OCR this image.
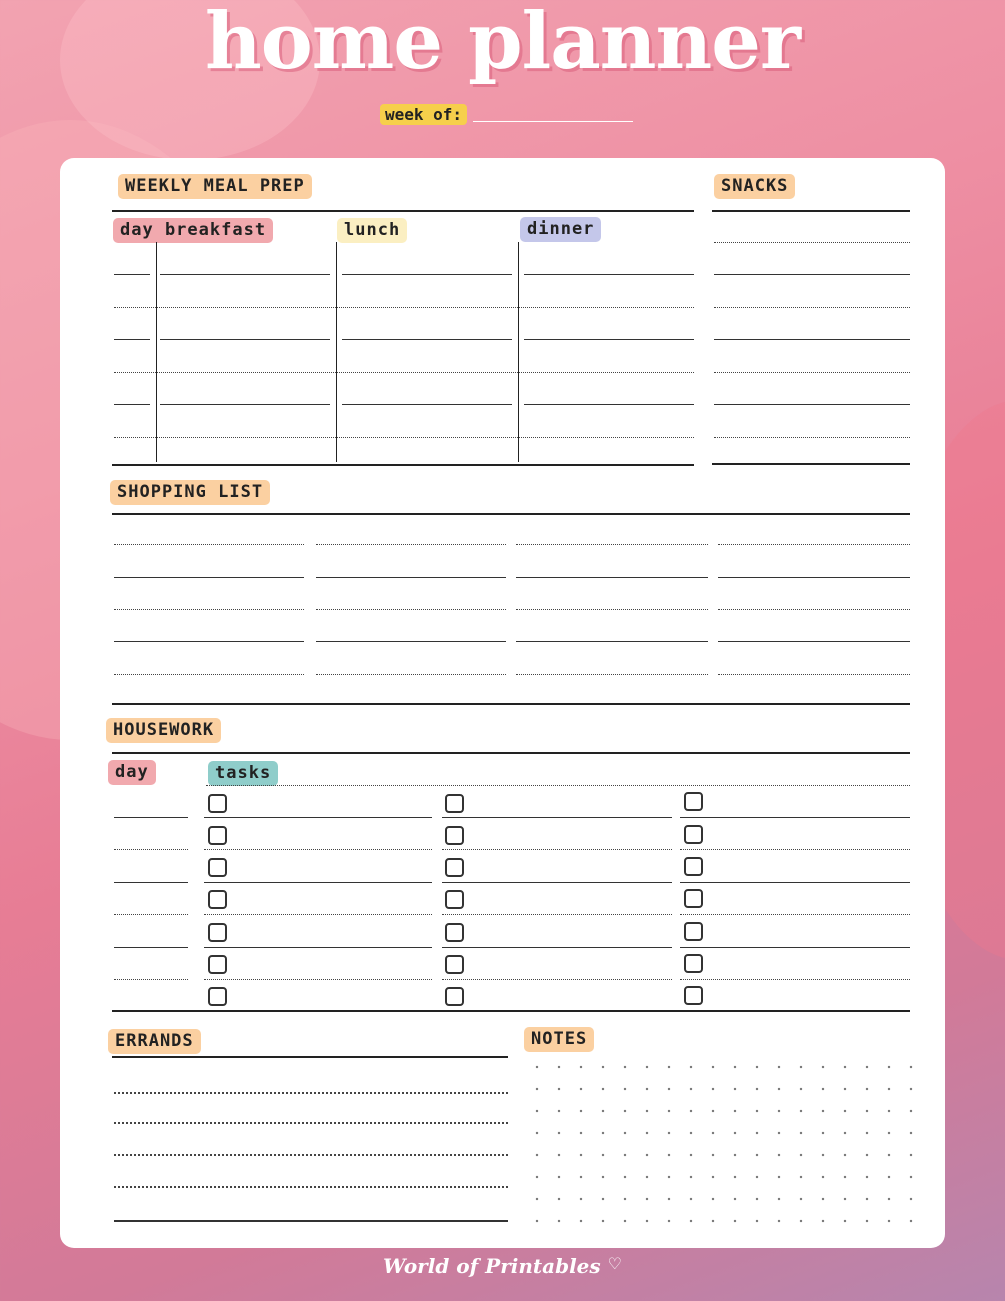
home planner
week of:
WEEKLY MEAL PREP
day breakfast	lunch	dinner
SNACKS
SHOPPING LIST
HOUSEWORK
day	tasks
ERRANDS	NOTES
World of Printables ♡
